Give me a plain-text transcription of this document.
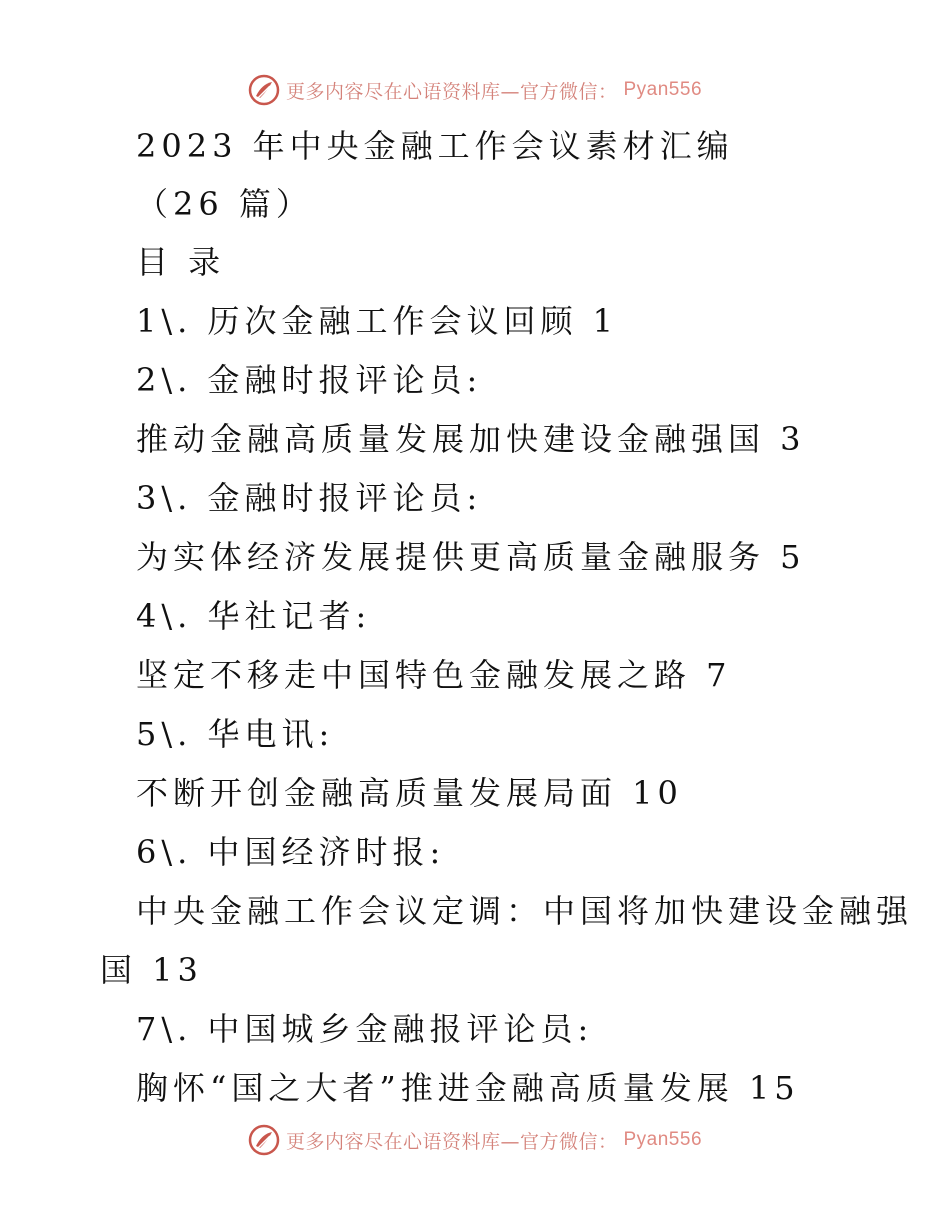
更多内容尽在心语资料库—官方微信： Pyan556
2023 年中央金融工作会议素材汇编
（26 篇）
目 录
1\. 历次金融工作会议回顾 1
2\. 金融时报评论员:
推动金融高质量发展加快建设金融强国 3
3\. 金融时报评论员:
为实体经济发展提供更高质量金融服务 5
4\. 华社记者:
坚定不移走中国特色金融发展之路 7
5\. 华电讯:
不断开创金融高质量发展局面 10
6\. 中国经济时报:
中央金融工作会议定调：中国将加快建设金融强
国 13
7\. 中国城乡金融报评论员:
胸怀“国之大者”推进金融高质量发展 15
更多内容尽在心语资料库—官方微信： Pyan556
